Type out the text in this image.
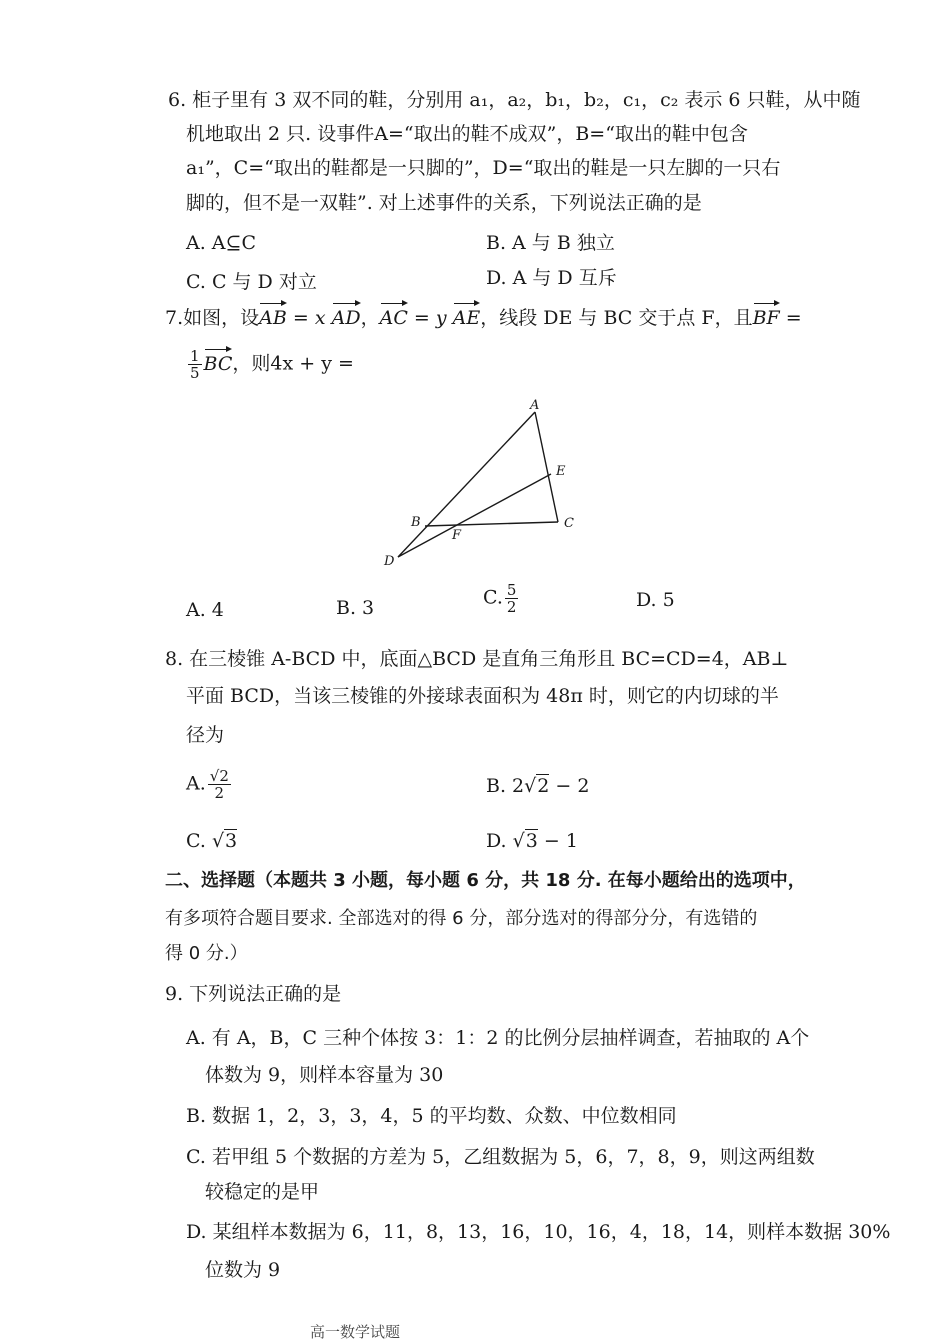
6. 柜子里有 3 双不同的鞋，分别用 a₁，a₂，b₁，b₂，c₁，c₂ 表示 6 只鞋，从中随
机地取出 2 只. 设事件A=“取出的鞋不成双”，B=“取出的鞋中包含
a₁”，C=“取出的鞋都是一只脚的”，D=“取出的鞋是一只左脚的一只右
脚的，但不是一双鞋”. 对上述事件的关系，下列说法正确的是
A. A⊆C	B. A 与 B 独立
C. C 与 D 对立	D. A 与 D 互斥
7.如图，设AB = x AD，AC = y AE，线段 DE 与 BC 交于点 F，且BF =
$\frac{1}{5}$ BC，则4x + y =
A
E
B
F
C
D
A. 4	B. 3	C. $\frac{5}{2}$	D. 5
8. 在三棱锥 A-BCD 中，底面△BCD 是直角三角形且 BC=CD=4，AB⊥
平面 BCD，当该三棱锥的外接球表面积为 48π 时，则它的内切球的半
径为
A. $\frac{√2}{2}$	B. 2√2 − 2
C. √3	D. √3 − 1
二、选择题（本题共 3 小题，每小题 6 分，共 18 分. 在每小题给出的选项中，
有多项符合题目要求. 全部选对的得 6 分，部分选对的得部分分，有选错的
得 0 分.）
9. 下列说法正确的是
A. 有 A，B，C 三种个体按 3：1：2 的比例分层抽样调查，若抽取的 A个
体数为 9，则样本容量为 30
B. 数据 1，2，3，3，4，5 的平均数、众数、中位数相同
C. 若甲组 5 个数据的方差为 5，乙组数据为 5，6，7，8，9，则这两组数
较稳定的是甲
D. 某组样本数据为 6，11，8，13，16，10，16，4，18，14，则样本数据 30%
位数为 9
高一数学试题
